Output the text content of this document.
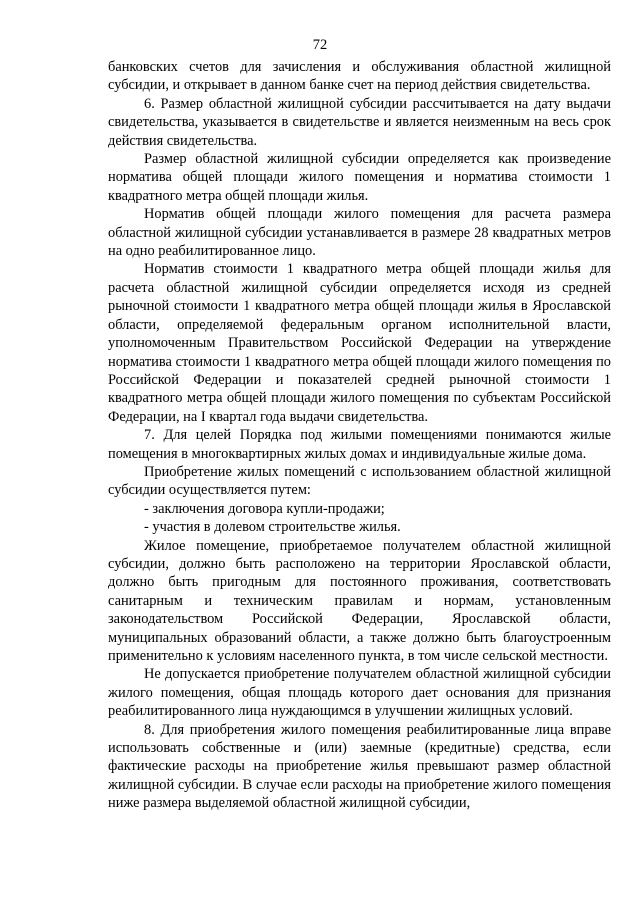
72

банковских счетов для зачисления и обслуживания областной жилищной субсидии, и открывает в данном банке счет на период действия свидетельства.

6. Размер областной жилищной субсидии рассчитывается на дату выдачи свидетельства, указывается в свидетельстве и является неизменным на весь срок действия свидетельства.

Размер областной жилищной субсидии определяется как произведение норматива общей площади жилого помещения и норматива стоимости 1 квадратного метра общей площади жилья.

Норматив общей площади жилого помещения для расчета размера областной жилищной субсидии устанавливается в размере 28 квадратных метров на одно реабилитированное лицо.

Норматив стоимости 1 квадратного метра общей площади жилья для расчета областной жилищной субсидии определяется исходя из средней рыночной стоимости 1 квадратного метра общей площади жилья в Ярославской области, определяемой федеральным органом исполнительной власти, уполномоченным Правительством Российской Федерации на утверждение норматива стоимости 1 квадратного метра общей площади жилого помещения по Российской Федерации и показателей средней рыночной стоимости 1 квадратного метра общей площади жилого помещения по субъектам Российской Федерации, на I квартал года выдачи свидетельства.

7. Для целей Порядка под жилыми помещениями понимаются жилые помещения в многоквартирных жилых домах и индивидуальные жилые дома.

Приобретение жилых помещений с использованием областной жилищной субсидии осуществляется путем:

- заключения договора купли-продажи;

- участия в долевом строительстве жилья.

Жилое помещение, приобретаемое получателем областной жилищной субсидии, должно быть расположено на территории Ярославской области, должно быть пригодным для постоянного проживания, соответствовать санитарным и техническим правилам и нормам, установленным законодательством Российской Федерации, Ярославской области, муниципальных образований области, а также должно быть благоустроенным применительно к условиям населенного пункта, в том числе сельской местности.

Не допускается приобретение получателем областной жилищной субсидии жилого помещения, общая площадь которого дает основания для признания реабилитированного лица нуждающимся в улучшении жилищных условий.

8. Для приобретения жилого помещения реабилитированные лица вправе использовать собственные и (или) заемные (кредитные) средства, если фактические расходы на приобретение жилья превышают размер областной жилищной субсидии. В случае если расходы на приобретение жилого помещения ниже размера выделяемой областной жилищной субсидии,
